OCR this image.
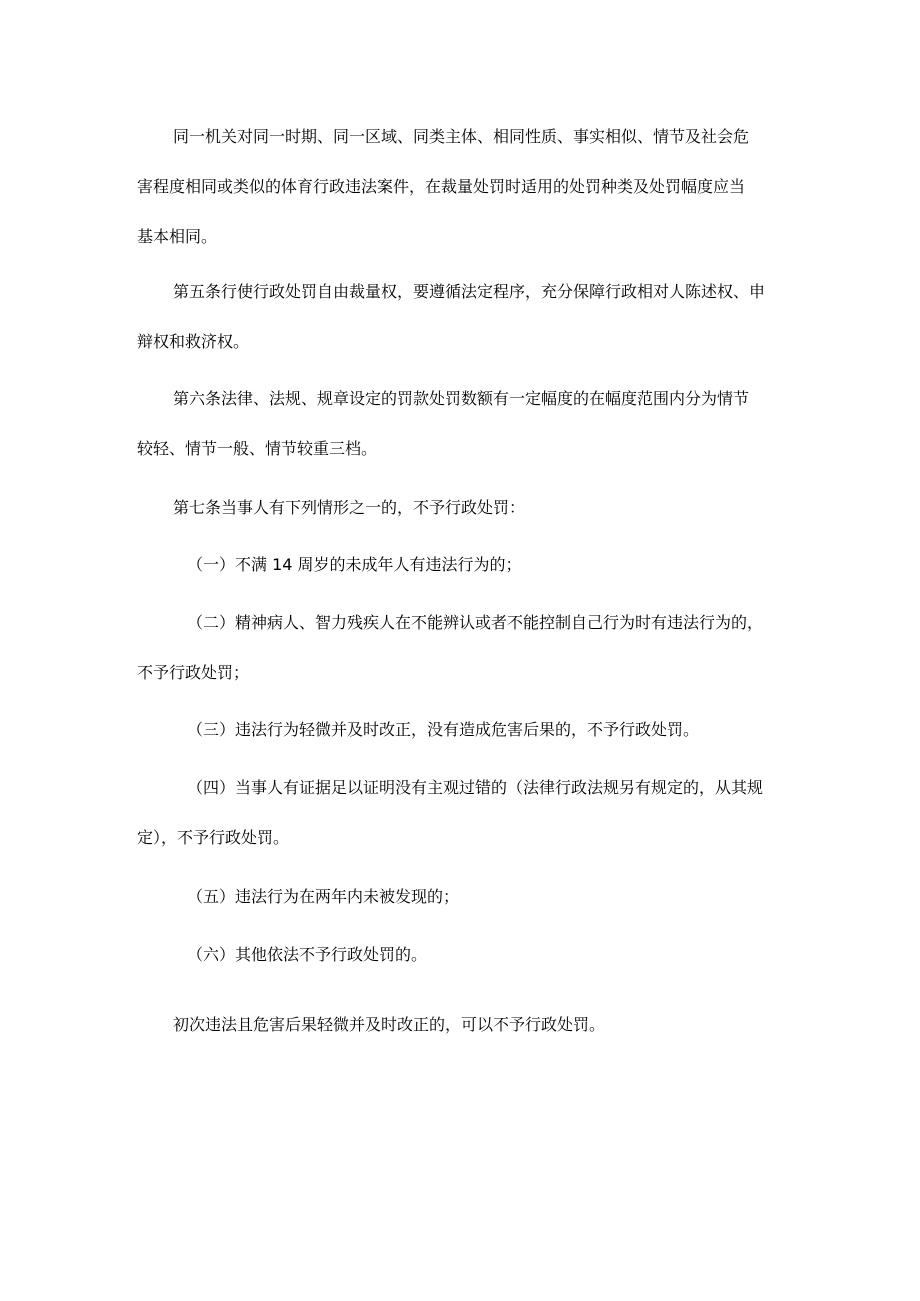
同一机关对同一时期、同一区域、同类主体、相同性质、事实相似、情节及社会危
害程度相同或类似的体育行政违法案件，在裁量处罚时适用的处罚种类及处罚幅度应当
基本相同。

第五条行使行政处罚自由裁量权，要遵循法定程序，充分保障行政相对人陈述权、申
辩权和救济权。

第六条法律、法规、规章设定的罚款处罚数额有一定幅度的在幅度范围内分为情节
较轻、情节一般、情节较重三档。

第七条当事人有下列情形之一的，不予行政处罚：

（一）不满 14 周岁的未成年人有违法行为的；

（二）精神病人、智力残疾人在不能辨认或者不能控制自己行为时有违法行为的，
不予行政处罚；

（三）违法行为轻微并及时改正，没有造成危害后果的，不予行政处罚。

（四）当事人有证据足以证明没有主观过错的（法律行政法规另有规定的，从其规
定），不予行政处罚。

（五）违法行为在两年内未被发现的；

（六）其他依法不予行政处罚的。

初次违法且危害后果轻微并及时改正的，可以不予行政处罚。
